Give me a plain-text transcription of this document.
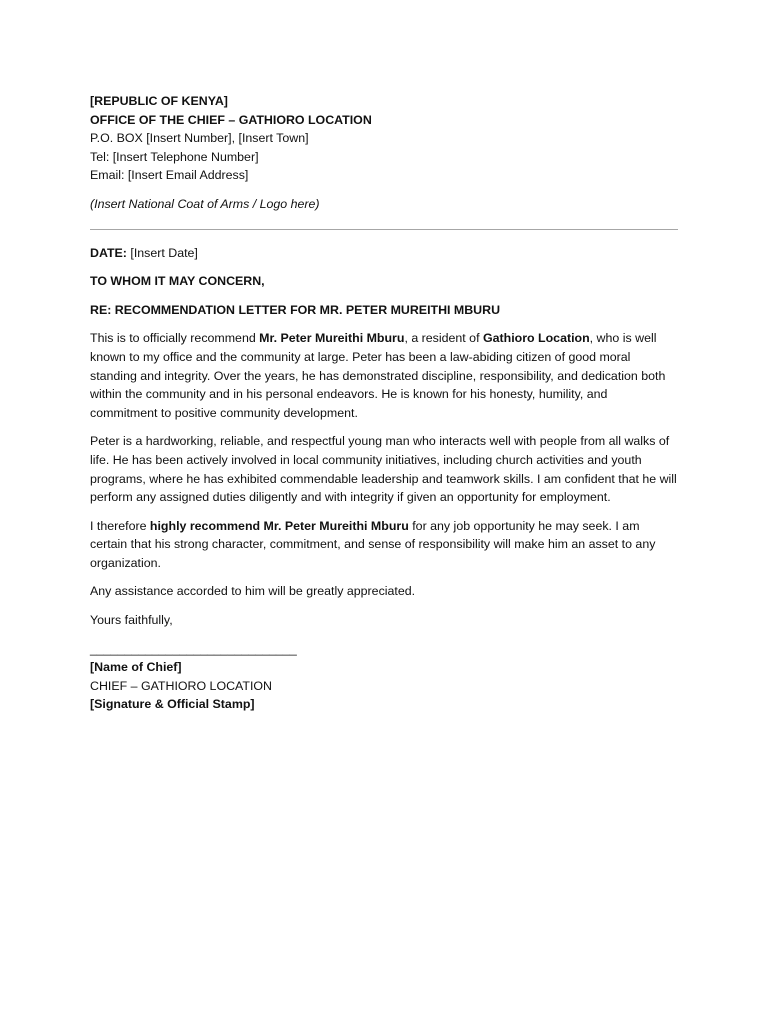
[REPUBLIC OF KENYA]
OFFICE OF THE CHIEF – GATHIORO LOCATION
P.O. BOX [Insert Number], [Insert Town]
Tel: [Insert Telephone Number]
Email: [Insert Email Address]
(Insert National Coat of Arms / Logo here)

DATE: [Insert Date]

TO WHOM IT MAY CONCERN,

RE: RECOMMENDATION LETTER FOR MR. PETER MUREITHI MBURU

This is to officially recommend Mr. Peter Mureithi Mburu, a resident of Gathioro Location, who is well known to my office and the community at large. Peter has been a law-abiding citizen of good moral standing and integrity. Over the years, he has demonstrated discipline, responsibility, and dedication both within the community and in his personal endeavors. He is known for his honesty, humility, and commitment to positive community development.

Peter is a hardworking, reliable, and respectful young man who interacts well with people from all walks of life. He has been actively involved in local community initiatives, including church activities and youth programs, where he has exhibited commendable leadership and teamwork skills. I am confident that he will perform any assigned duties diligently and with integrity if given an opportunity for employment.

I therefore highly recommend Mr. Peter Mureithi Mburu for any job opportunity he may seek. I am certain that his strong character, commitment, and sense of responsibility will make him an asset to any organization.

Any assistance accorded to him will be greatly appreciated.

Yours faithfully,

______________________________
[Name of Chief]
CHIEF – GATHIORO LOCATION
[Signature & Official Stamp]
